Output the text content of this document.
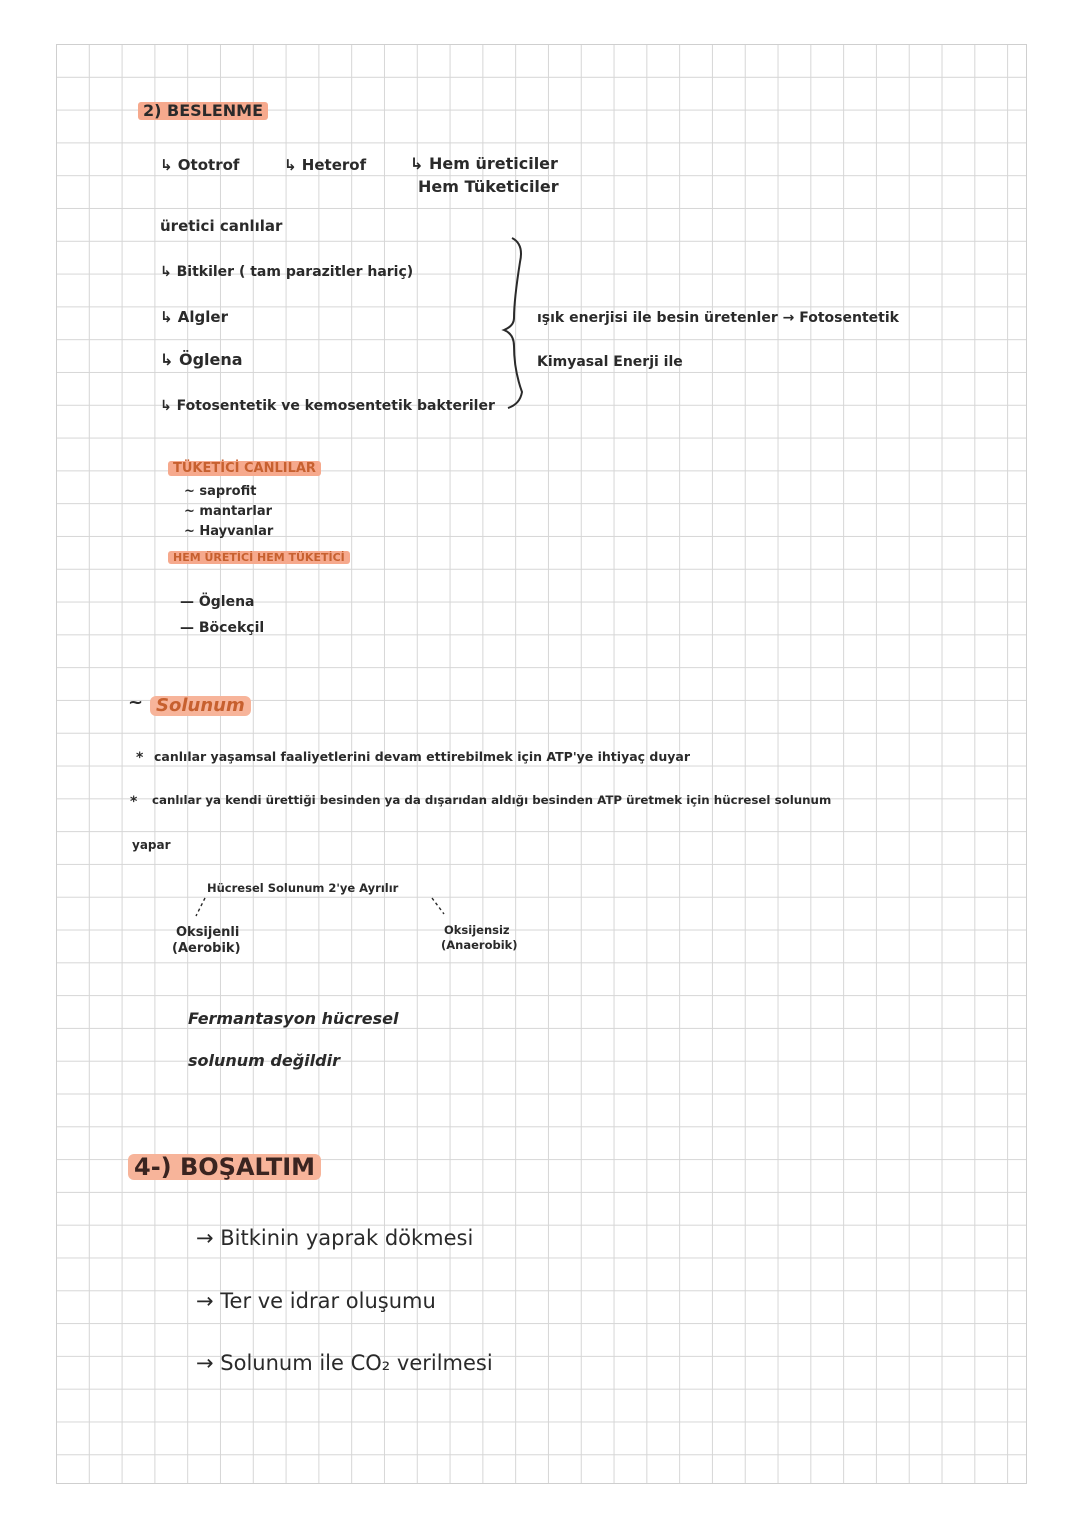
2) BESLENME
↳ Ototrof	↳ Heterof	↳ Hem üreticiler
Hem Tüketiciler
üretici canlılar
↳ Bitkiler ( tam parazitler hariç)
↳ Algler
↳ Öglena
↳ Fotosentetik ve kemosentetik bakteriler
ışık enerjisi ile besin üretenler → Fotosentetik
Kimyasal Enerji ile
TÜKETİCİ CANLILAR
~ saprofit
~ mantarlar
~ Hayvanlar
HEM ÜRETİCİ HEM TÜKETİCİ
— Öglena
— Böcekçil
~ Solunum
* canlılar yaşamsal faaliyetlerini devam ettirebilmek için ATP'ye ihtiyaç duyar
* canlılar ya kendi ürettiği besinden ya da dışarıdan aldığı besinden ATP üretmek için hücresel solunum
yapar
Hücresel Solunum 2'ye Ayrılır
Oksijenli
(Aerobik)
Oksijensiz
(Anaerobik)
Fermantasyon hücresel
solunum değildir
4-) BOŞALTIM
→ Bitkinin yaprak dökmesi
→ Ter ve idrar oluşumu
→ Solunum ile CO₂ verilmesi
